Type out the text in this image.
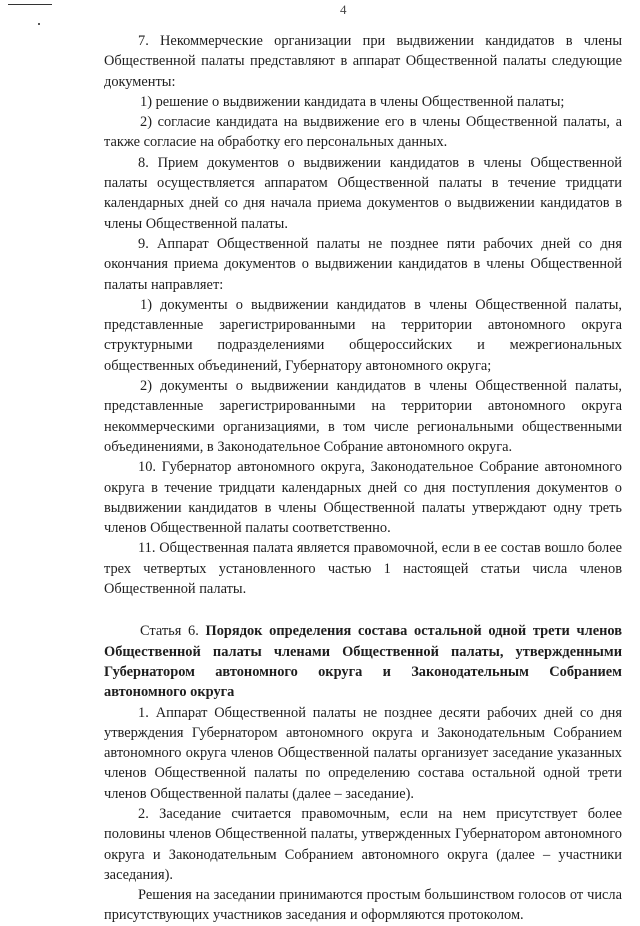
4

7. Некоммерческие организации при выдвижении кандидатов в члены Общественной палаты представляют в аппарат Общественной палаты следующие документы:

1) решение о выдвижении кандидата в члены Общественной палаты;

2) согласие кандидата на выдвижение его в члены Общественной палаты, а также согласие на обработку его персональных данных.

8. Прием документов о выдвижении кандидатов в члены Общественной палаты осуществляется аппаратом Общественной палаты в течение тридцати календарных дней со дня начала приема документов о выдвижении кандидатов в члены Общественной палаты.

9. Аппарат Общественной палаты не позднее пяти рабочих дней со дня окончания приема документов о выдвижении кандидатов в члены Общественной палаты направляет:

1) документы о выдвижении кандидатов в члены Общественной палаты, представленные зарегистрированными на территории автономного округа структурными подразделениями общероссийских и межрегиональных общественных объединений, Губернатору автономного округа;

2) документы о выдвижении кандидатов в члены Общественной палаты, представленные зарегистрированными на территории автономного округа некоммерческими организациями, в том числе региональными общественными объединениями, в Законодательное Собрание автономного округа.

10. Губернатор автономного округа, Законодательное Собрание автономного округа в течение тридцати календарных дней со дня поступления документов о выдвижении кандидатов в члены Общественной палаты утверждают одну треть членов Общественной палаты соответственно.

11. Общественная палата является правомочной, если в ее состав вошло более трех четвертых установленного частью 1 настоящей статьи числа членов Общественной палаты.

Статья 6. Порядок определения состава остальной одной трети членов Общественной палаты членами Общественной палаты, утвержденными Губернатором автономного округа и Законодательным Собранием автономного округа

1. Аппарат Общественной палаты не позднее десяти рабочих дней со дня утверждения Губернатором автономного округа и Законодательным Собранием автономного округа членов Общественной палаты организует заседание указанных членов Общественной палаты по определению состава остальной одной трети членов Общественной палаты (далее – заседание).

2. Заседание считается правомочным, если на нем присутствует более половины членов Общественной палаты, утвержденных Губернатором автономного округа и Законодательным Собранием автономного округа (далее – участники заседания).

Решения на заседании принимаются простым большинством голосов от числа присутствующих участников заседания и оформляются протоколом.
